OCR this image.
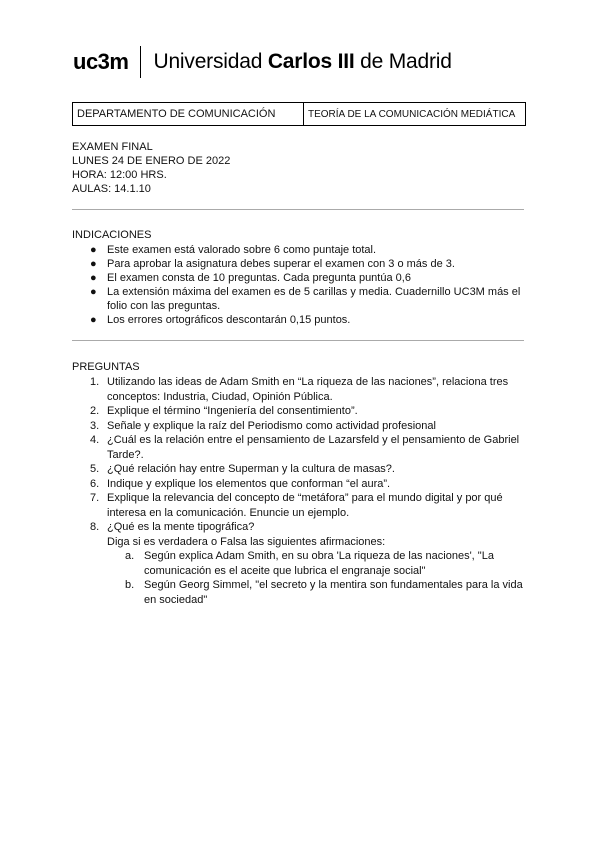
uc3m Universidad Carlos III de Madrid
DEPARTAMENTO DE COMUNICACIÓN	TEORÍA DE LA COMUNICACIÓN MEDIÁTICA
EXAMEN FINAL
LUNES 24 DE ENERO DE 2022
HORA: 12:00 HRS.
AULAS: 14.1.10
INDICACIONES
● Este examen está valorado sobre 6 como puntaje total.
● Para aprobar la asignatura debes superar el examen con 3 o más de 3.
● El examen consta de 10 preguntas. Cada pregunta puntúa 0,6
● La extensión máxima del examen es de 5 carillas y media. Cuadernillo UC3M más el folio con las preguntas.
● Los errores ortográficos descontarán 0,15 puntos.
PREGUNTAS
1. Utilizando las ideas de Adam Smith en “La riqueza de las naciones”, relaciona tres conceptos: Industria, Ciudad, Opinión Pública.
2. Explique el término “Ingeniería del consentimiento”.
3. Señale y explique la raíz del Periodismo como actividad profesional
4. ¿Cuál es la relación entre el pensamiento de Lazarsfeld y el pensamiento de Gabriel Tarde?.
5. ¿Qué relación hay entre Superman y la cultura de masas?.
6. Indique y explique los elementos que conforman “el aura”.
7. Explique la relevancia del concepto de “metáfora” para el mundo digital y por qué interesa en la comunicación. Enuncie un ejemplo.
8. ¿Qué es la mente tipográfica?
Diga si es verdadera o Falsa las siguientes afirmaciones:
a. Según explica Adam Smith, en su obra 'La riqueza de las naciones', "La comunicación es el aceite que lubrica el engranaje social"
b. Según Georg Simmel, "el secreto y la mentira son fundamentales para la vida en sociedad"
